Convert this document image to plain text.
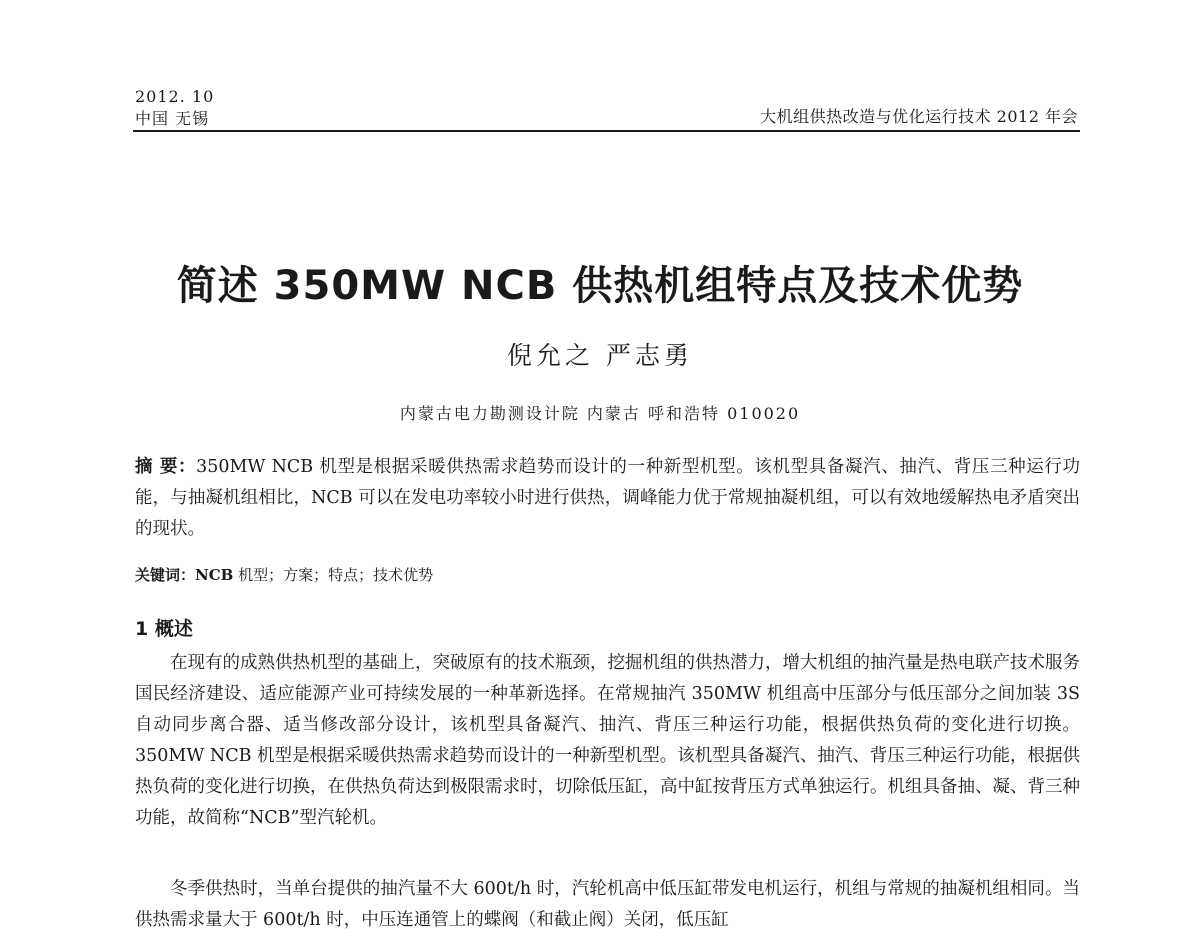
2012. 10
中国 无锡	大机组供热改造与优化运行技术 2012 年会
简述 350MW NCB 供热机组特点及技术优势

倪允之 严志勇

内蒙古电力勘测设计院 内蒙古 呼和浩特 010020

摘 要：350MW NCB 机型是根据采暖供热需求趋势而设计的一种新型机型。该机型具备凝汽、抽汽、背压三种运行功能，与抽凝机组相比，NCB 可以在发电功率较小时进行供热，调峰能力优于常规抽凝机组，可以有效地缓解热电矛盾突出的现状。

关键词：NCB 机型；方案；特点；技术优势

1 概述

在现有的成熟供热机型的基础上，突破原有的技术瓶颈，挖掘机组的供热潜力，增大机组的抽汽量是热电联产技术服务国民经济建设、适应能源产业可持续发展的一种革新选择。在常规抽汽 350MW 机组高中压部分与低压部分之间加装 3S 自动同步离合器、适当修改部分设计，该机型具备凝汽、抽汽、背压三种运行功能，根据供热负荷的变化进行切换。350MW NCB 机型是根据采暖供热需求趋势而设计的一种新型机型。该机型具备凝汽、抽汽、背压三种运行功能，根据供热负荷的变化进行切换，在供热负荷达到极限需求时，切除低压缸，高中缸按背压方式单独运行。机组具备抽、凝、背三种功能，故简称“NCB”型汽轮机。

冬季供热时，当单台提供的抽汽量不大 600t/h 时，汽轮机高中低压缸带发电机运行，机组与常规的抽凝机组相同。当供热需求量大于 600t/h 时，中压连通管上的蝶阀（和截止阀）关闭，低压缸
